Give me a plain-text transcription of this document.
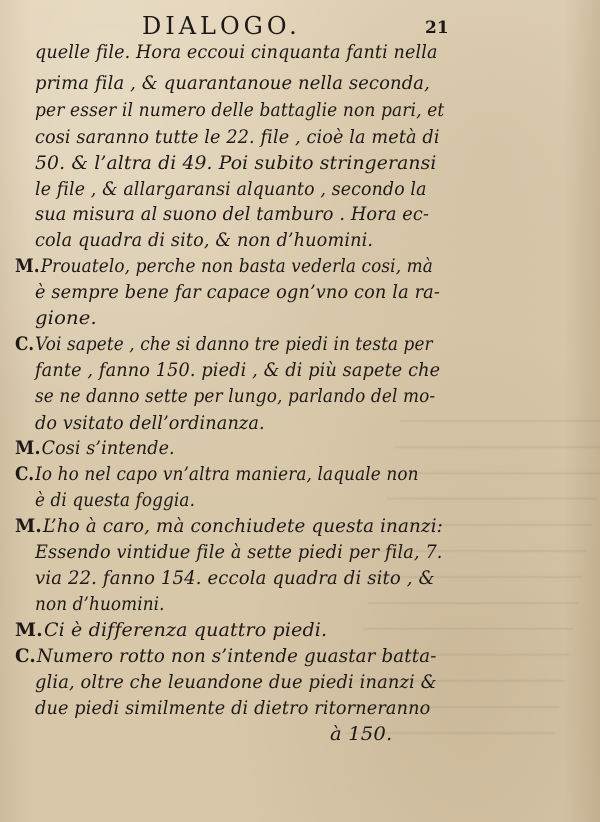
DIALOGO.	21
quelle file. Hora eccoui cinquanta fanti nella
prima fila , & quarantanoue nella seconda,
per esser il numero delle battaglie non pari, et
cosi saranno tutte le 22. file , cioè la metà di
50. & l’altra di 49. Poi subito stringeransi
le file , & allargaransi alquanto , secondo la
sua misura al suono del tamburo . Hora ec-
cola quadra di sito, & non d’huomini.
M.Prouatelo, perche non basta vederla cosi, mà
è sempre bene far capace ogn’vno con la ra-
gione.
C.Voi sapete , che si danno tre piedi in testa per
fante , fanno 150. piedi , & di più sapete che
se ne danno sette per lungo, parlando del mo-
do vsitato dell’ordinanza.
M.Cosi s’intende.
C.Io ho nel capo vn’altra maniera, laquale non
è di questa foggia.
M.L’ho à caro, mà conchiudete questa inanzi:
Essendo vintidue file à sette piedi per fila, 7.
via 22. fanno 154. eccola quadra di sito , &
non d’huomini.
M.Ci è differenza quattro piedi.
C.Numero rotto non s’intende guastar batta-
glia, oltre che leuandone due piedi inanzi &
due piedi similmente di dietro ritorneranno
à 150.
